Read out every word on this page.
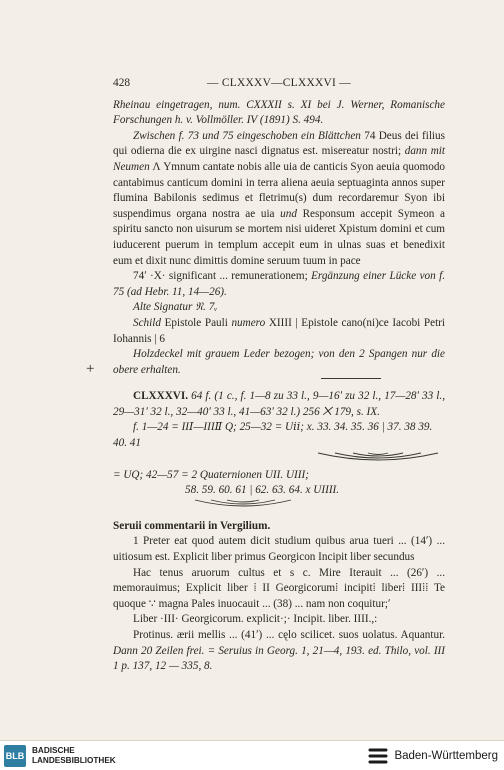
428	— CLXXXV—CLXXXVI —

Rheinau eingetragen, num. CXXXII s. XI bei J. Werner, Romanische Forschungen h. v. Vollmöller. IV (1891) S. 494.

Zwischen f. 73 und 75 eingeschoben ein Blättchen 74 Deus dei filius qui odierna die ex uirgine nasci dignatus est. misereatur nostri; dann mit Neumen Λ Ymnum cantate nobis alle uia de canticis Syon aeuia quomodo cantabimus canticum domini in terra aliena aeuia septuaginta annos super flumina Babilonis sedimus et fletrimu(s) dum recordaremur Syon ibi suspendimus organa nostra ae uia und Responsum accepit Symeon a spiritu sancto non uisurum se mortem nisi uideret Xpistum domini et cum iuducerent puerum in templum accepit eum in ulnas suas et benedixit eum et dixit nunc dimittis domine seruum tuum in pace

74ʹ ·X· significant ... remunerationem; Ergänzung einer Lücke von f. 75 (ad Hebr. 11, 14—26).

Alte Signatur 𝔑. 7ᵥ

Schild Epistole Pauli numero XIIII | Epistole cano(ni)ce Iacobi Petri Iohannis | 6

Holzdeckel mit grauem Leder bezogen; von den 2 Spangen nur die obere erhalten.

CLXXXVI. 64 f. (1 c., f. 1—8 zu 33 l., 9—16ʹ zu 32 l., 17—28ʹ 33 l., 29—31ʹ 32 l., 32—40ʹ 33 l., 41—63ʹ 32 l.) 256 ⨉ 179, s. IX.

f. 1—24 = IIⅠ—IIIⅡ Q; 25—32 = Uⅱ; x. 33. 34. 35. 36 | 37. 38 39. 40. 41

= UQ; 42—57 = 2 Quaternionen UII. UIII;

58. 59. 60. 61 | 62. 63. 64. x UIIII.

Seruii commentarii in Vergilium.

1 Preter eat quod autem dicit studium quibus arua tueri ... (14ʹ) ... uitiosum est. Explicit liber primus Georgicon Incipit liber secundus

Hac tenus aruorum cultus et s c. Mire Iterauit ... (26ʹ) ... memorauimus; Explicit liber ⁞ II Georgicorum⁞ incipit⁞ liber⁞ III⁞⁞ Te quoque ∵ magna Pales inuocauit ... (38) ... nam non coquitur;ʹ

Liber ·III· Georgicorum. explicit·;· Incipit. liber. IIII.,:

Protinus. ærii mellis ... (41ʹ) ... cęlo scilicet. suos uolatus. Aquantur. Dann 20 Zeilen frei. = Seruius in Georg. 1, 21—4, 193. ed. Thilo, vol. III 1 p. 137, 12 — 335, 8.

+
BLB BADISCHE
LANDESBIBLIOTHEK	Baden-Württemberg
